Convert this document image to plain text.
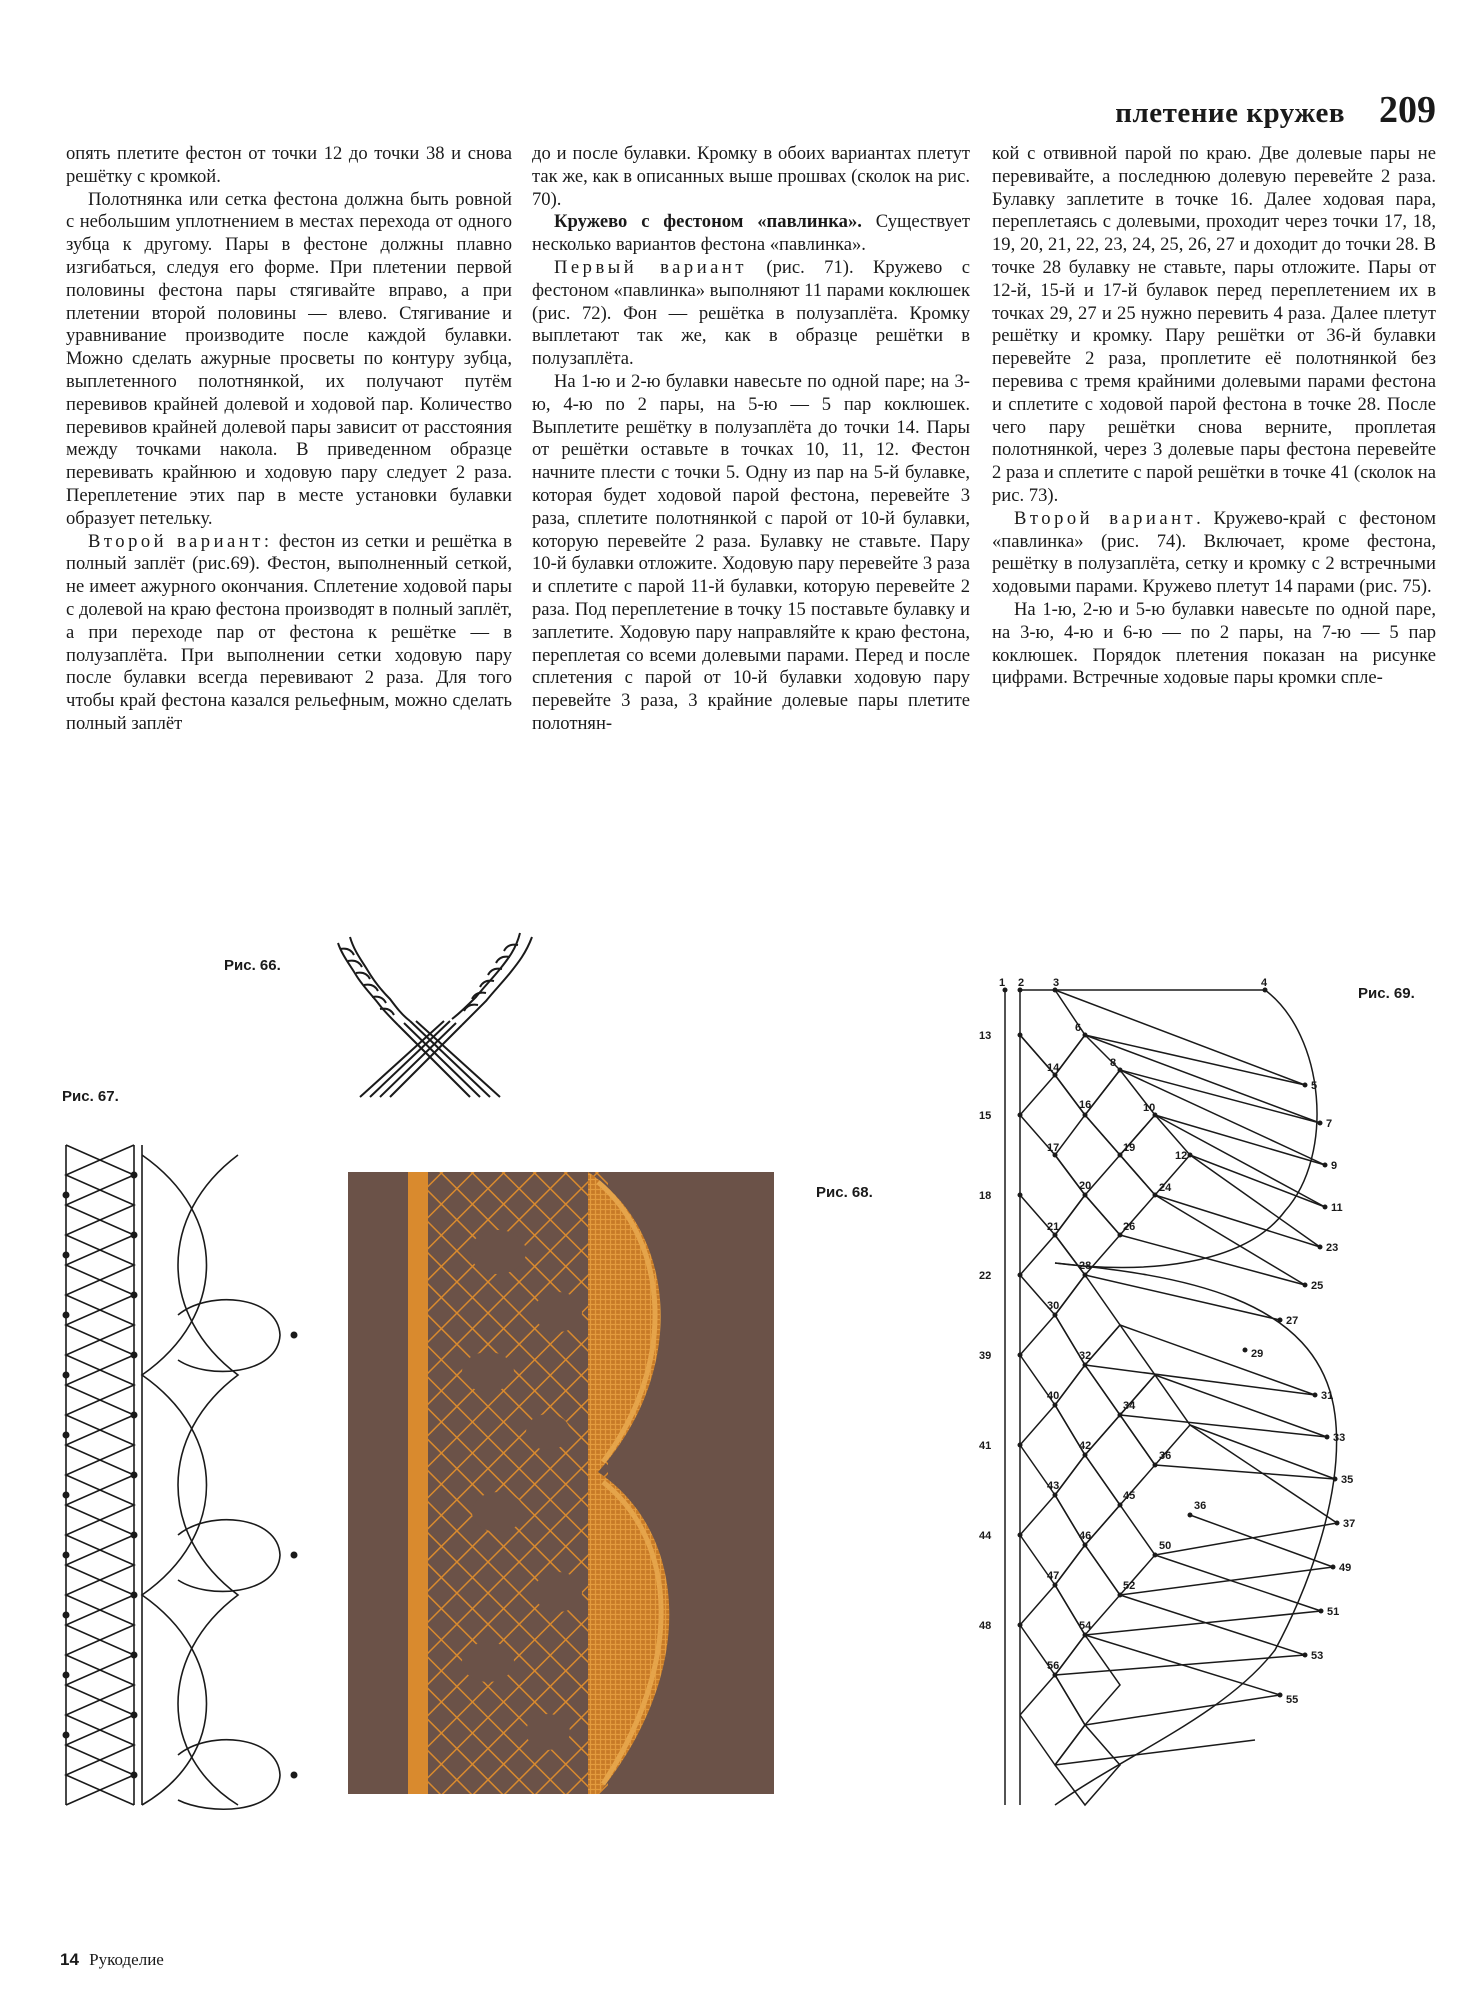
плетение кружев 209

опять плетите фестон от точки 12 до точки 38 и снова решётку с кромкой.

Полотнянка или сетка фестона должна быть ровной с небольшим уплотнением в местах перехода от одного зубца к другому. Пары в фестоне должны плавно изгибаться, следуя его форме. При плетении первой половины фестона пары стягивайте вправо, а при плетении второй половины — влево. Стягивание и уравнивание производите после каждой булавки. Можно сделать ажурные просветы по контуру зубца, выплетенного полотнянкой, их получают путём перевивов крайней долевой и ходовой пар. Количество перевивов крайней долевой пары зависит от расстояния между точками накола. В приведенном образце перевивать крайнюю и ходовую пару следует 2 раза. Переплетение этих пар в месте установки булавки образует петельку.

Второй вариант: фестон из сетки и решётка в полный заплёт (рис.69). Фестон, выполненный сеткой, не имеет ажурного окончания. Сплетение ходовой пары с долевой на краю фестона производят в полный заплёт, а при переходе пар от фестона к решётке — в полузаплёта. При выполнении сетки ходовую пару после булавки всегда перевивают 2 раза. Для того чтобы край фестона казался рельефным, можно сделать полный заплёт

до и после булавки. Кромку в обоих вариантах плетут так же, как в описанных выше прошвах (сколок на рис. 70).

Кружево с фестоном «павлинка». Существует несколько вариантов фестона «павлинка».

Первый вариант (рис. 71). Кружево с фестоном «павлинка» выполняют 11 парами коклюшек (рис. 72). Фон — решётка в полузаплёта. Кромку выплетают так же, как в образце решётки в полузаплёта.

На 1-ю и 2-ю булавки навесьте по одной паре; на 3-ю, 4-ю по 2 пары, на 5-ю — 5 пар коклюшек. Выплетите решётку в полузаплёта до точки 14. Пары от решётки оставьте в точках 10, 11, 12. Фестон начните плести с точки 5. Одну из пар на 5-й булавке, которая будет ходовой парой фестона, перевейте 3 раза, сплетите полотнянкой с парой от 10-й булавки, которую перевейте 2 раза. Булавку не ставьте. Пару 10-й булавки отложите. Ходовую пару перевейте 3 раза и сплетите с парой 11-й булавки, которую перевейте 2 раза. Под переплетение в точку 15 поставьте булавку и заплетите. Ходовую пару направляйте к краю фестона, переплетая со всеми долевыми парами. Перед и после сплетения с парой от 10-й булавки ходовую пару перевейте 3 раза, 3 крайние долевые пары плетите полотнян-

кой с отвивной парой по краю. Две долевые пары не перевивайте, а последнюю долевую перевейте 2 раза. Булавку заплетите в точке 16. Далее ходовая пара, переплетаясь с долевыми, проходит через точки 17, 18, 19, 20, 21, 22, 23, 24, 25, 26, 27 и доходит до точки 28. В точке 28 булавку не ставьте, пары отложите. Пары от 12-й, 15-й и 17-й булавок перед переплетением их в точках 29, 27 и 25 нужно перевить 4 раза. Далее плетут решётку и кромку. Пару решётки от 36-й булавки перевейте 2 раза, проплетите её полотнянкой без перевива с тремя крайними долевыми парами фестона и сплетите с ходовой парой фестона в точке 28. После чего пару решётки снова верните, проплетая полотнянкой, через 3 долевые пары фестона перевейте 2 раза и сплетите с парой решётки в точке 41 (сколок на рис. 73).

Второй вариант. Кружево-край с фестоном «павлинка» (рис. 74). Включает, кроме фестона, решётку в полузаплёта, сетку и кромку с 2 встречными ходовыми парами. Кружево плетут 14 парами (рис. 75).

На 1-ю, 2-ю и 5-ю булавки навесьте по одной паре, на 3-ю, 4-ю и 6-ю — по 2 пары, на 7-ю — 5 пар коклюшек. Порядок плетения показан на рисунке цифрами. Встречные ходовые пары кромки спле-

Рис. 66.
Рис. 67.
Рис. 68.
Рис. 69.
1 2	3	4
5
6
7
8
9
10
11
12
13
14
15
16
17
18
19
20
21
22
23
24
25
26
27
28
29
30
31
32
33
34
35
36
36
37
39
40
41	42
43
44
45
46
47
48
49
50
51
52
53
54
55
56
14 Рукоделие
